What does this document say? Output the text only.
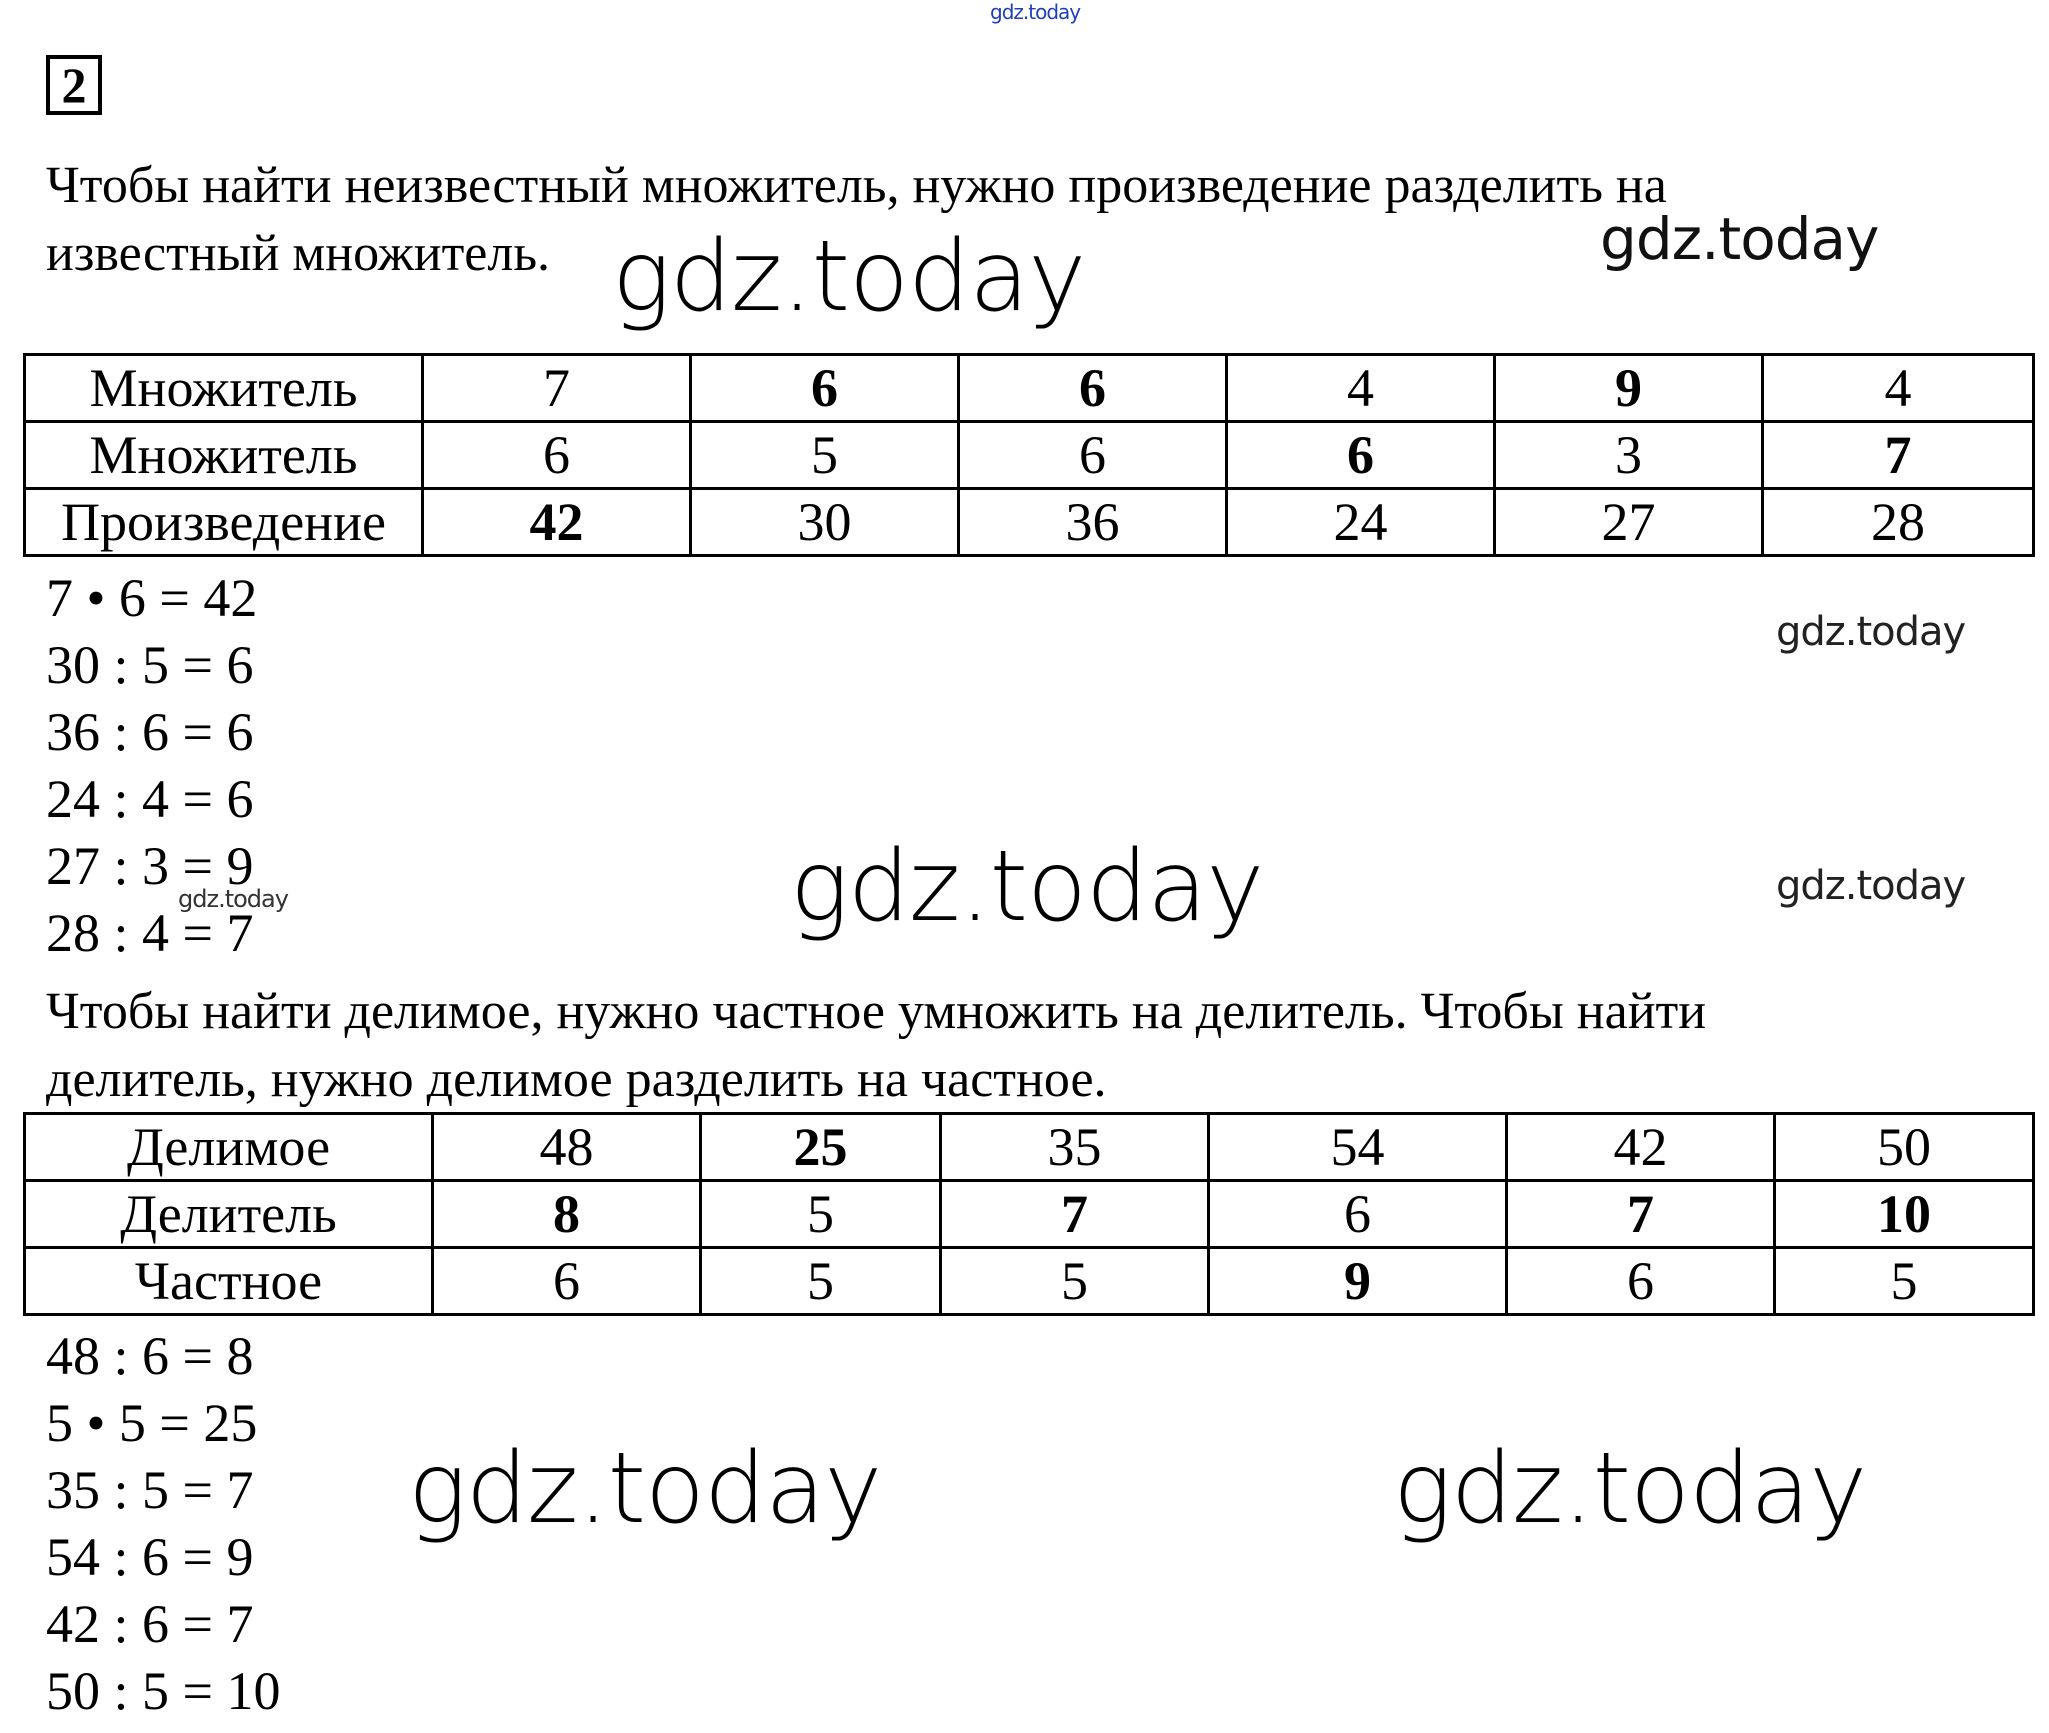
gdz.today
gdz.today
gdz.today
gdz.today
gdz.today	gdz.today
gdz.today
gdz.today	gdz.today
2
Чтобы найти неизвестный множитель, нужно произведение разделить на
известный множитель.
Множитель	7	6	6	4	9	4
Множитель	6	5	6	6	3	7
Произведение	42	30	36	24	27	28
7 • 6 = 42
30 : 5 = 6
36 : 6 = 6
24 : 4 = 6
27 : 3 = 9
28 : 4 = 7
Чтобы найти делимое, нужно частное умножить на делитель. Чтобы найти
делитель, нужно делимое разделить на частное.
Делимое	48	25	35	54	42	50
Делитель	8	5	7	6	7	10
Частное	6	5	5	9	6	5
48 : 6 = 8
5 • 5 = 25
35 : 5 = 7
54 : 6 = 9
42 : 6 = 7
50 : 5 = 10
